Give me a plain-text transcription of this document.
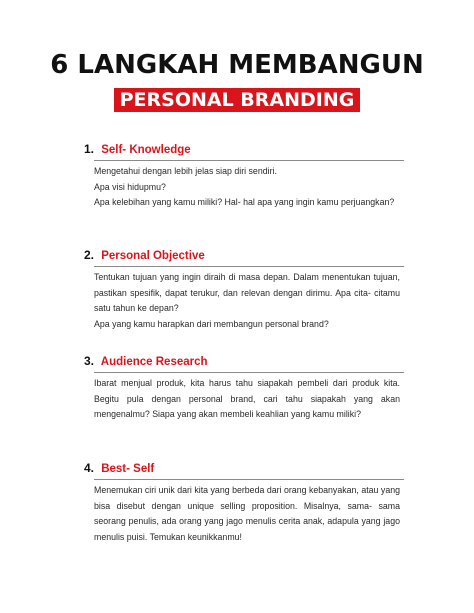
6 LANGKAH MEMBANGUN
PERSONAL BRANDING
1. Self- Knowledge

Mengetahui dengan lebih jelas siap diri sendiri.

Apa visi hidupmu?

Apa kelebihan yang kamu miliki? Hal- hal apa yang ingin kamu perjuangkan?

2. Personal Objective

Tentukan tujuan yang ingin diraih di masa depan. Dalam menentukan tujuan, pastikan spesifik, dapat terukur, dan relevan dengan dirimu. Apa cita- citamu satu tahun ke depan?

Apa yang kamu harapkan dari membangun personal brand?

3. Audience Research

Ibarat menjual produk, kita harus tahu siapakah pembeli dari produk kita. Begitu pula dengan personal brand, cari tahu siapakah yang akan mengenalmu? Siapa yang akan membeli keahlian yang kamu miliki?

4. Best- Self

Menemukan ciri unik dari kita yang berbeda dari orang kebanyakan, atau yang bisa disebut dengan unique selling proposition. Misalnya, sama- sama seorang penulis, ada orang yang jago menulis cerita anak, adapula yang jago menulis puisi. Temukan keunikkanmu!
